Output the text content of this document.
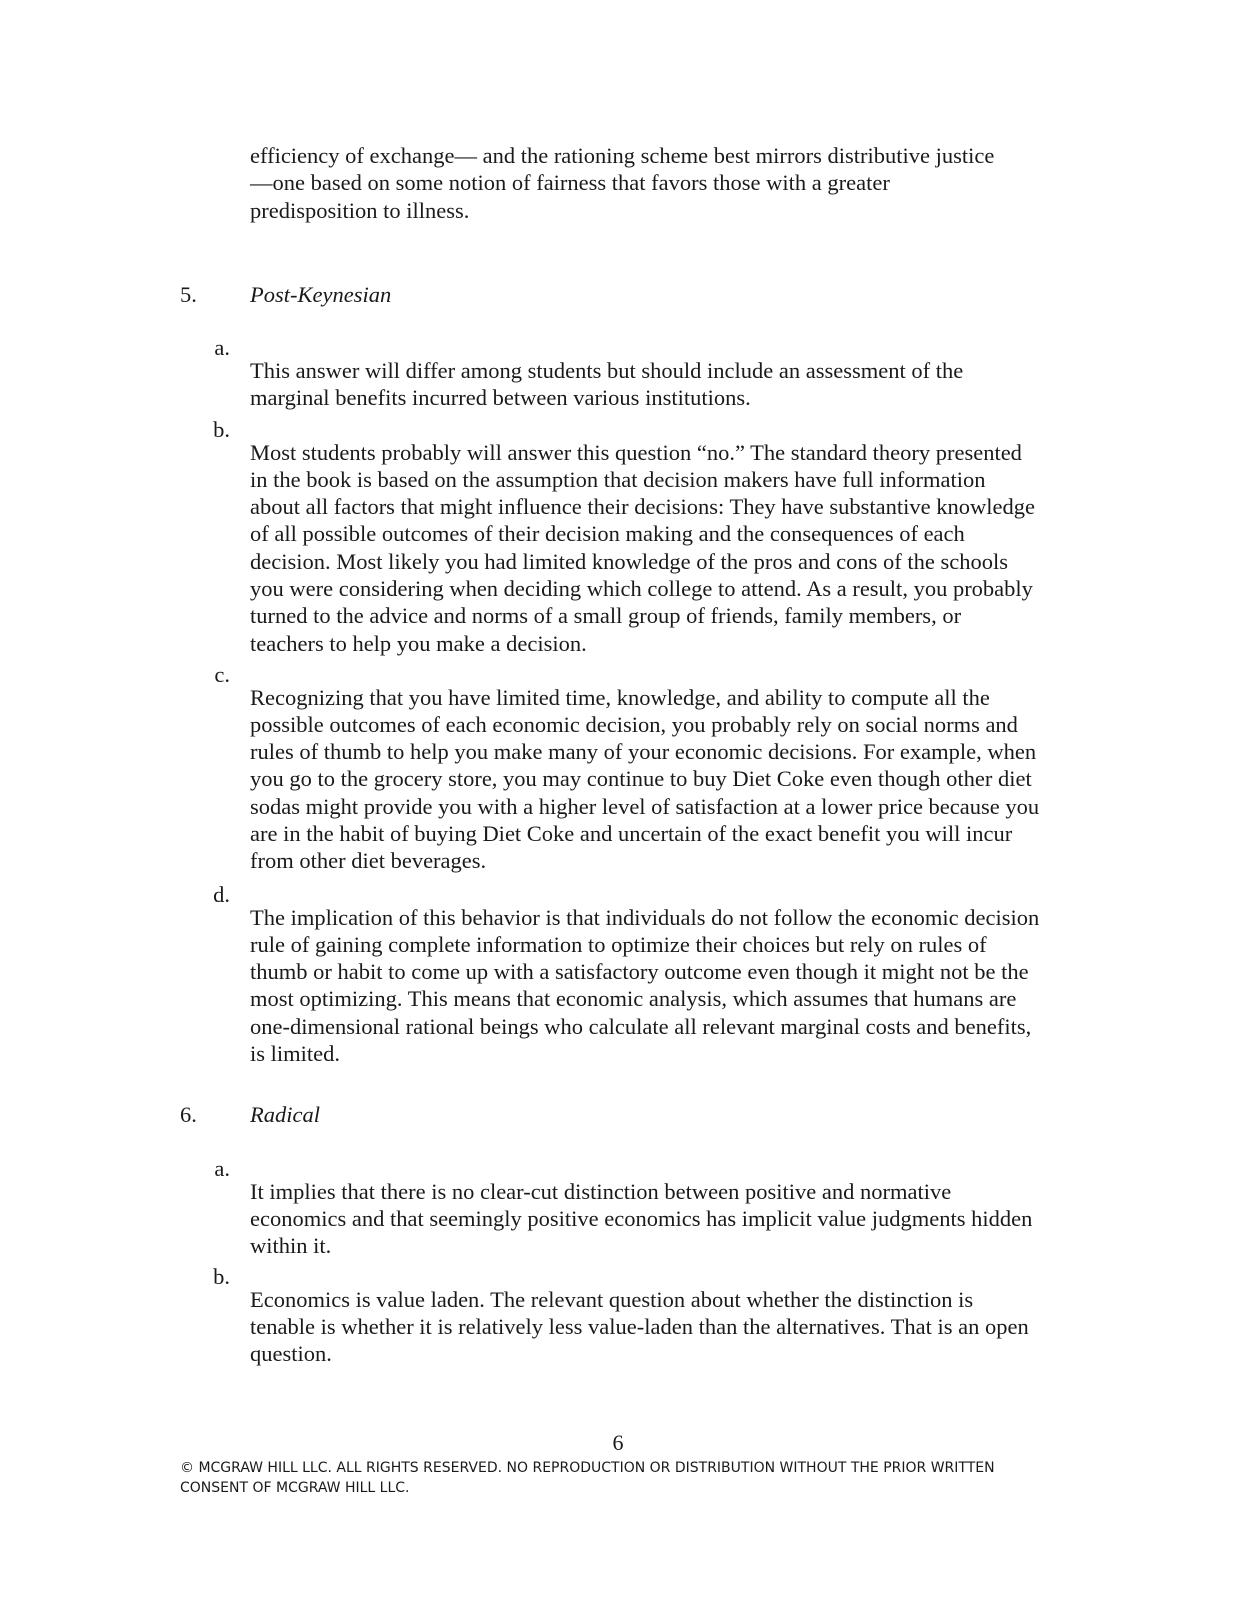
efficiency of exchange— and the rationing scheme best mirrors distributive justice—one based on some notion of fairness that favors those with a greater predisposition to illness.

5. Post-Keynesian
a.

This answer will differ among students but should include an assessment of the marginal benefits incurred between various institutions.

b.

Most students probably will answer this question “no.” The standard theory presented in the book is based on the assumption that decision makers have full information about all factors that might influence their decisions: They have substantive knowledge of all possible outcomes of their decision making and the consequences of each decision. Most likely you had limited knowledge of the pros and cons of the schools you were considering when deciding which college to attend. As a result, you probably turned to the advice and norms of a small group of friends, family members, or teachers to help you make a decision.

c.

Recognizing that you have limited time, knowledge, and ability to compute all the possible outcomes of each economic decision, you probably rely on social norms and rules of thumb to help you make many of your economic decisions. For example, when you go to the grocery store, you may continue to buy Diet Coke even though other diet sodas might provide you with a higher level of satisfaction at a lower price because you are in the habit of buying Diet Coke and uncertain of the exact benefit you will incur from other diet beverages.

d.

The implication of this behavior is that individuals do not follow the economic decision rule of gaining complete information to optimize their choices but rely on rules of thumb or habit to come up with a satisfactory outcome even though it might not be the most optimizing. This means that economic analysis, which assumes that humans are one-dimensional rational beings who calculate all relevant marginal costs and benefits, is limited.

6. Radical
a.

It implies that there is no clear-cut distinction between positive and normative economics and that seemingly positive economics has implicit value judgments hidden within it.

b.

Economics is value laden. The relevant question about whether the distinction is tenable is whether it is relatively less value-laden than the alternatives. That is an open question.

6
© MCGRAW HILL LLC. ALL RIGHTS RESERVED. NO REPRODUCTION OR DISTRIBUTION WITHOUT THE PRIOR WRITTEN CONSENT OF MCGRAW HILL LLC.
